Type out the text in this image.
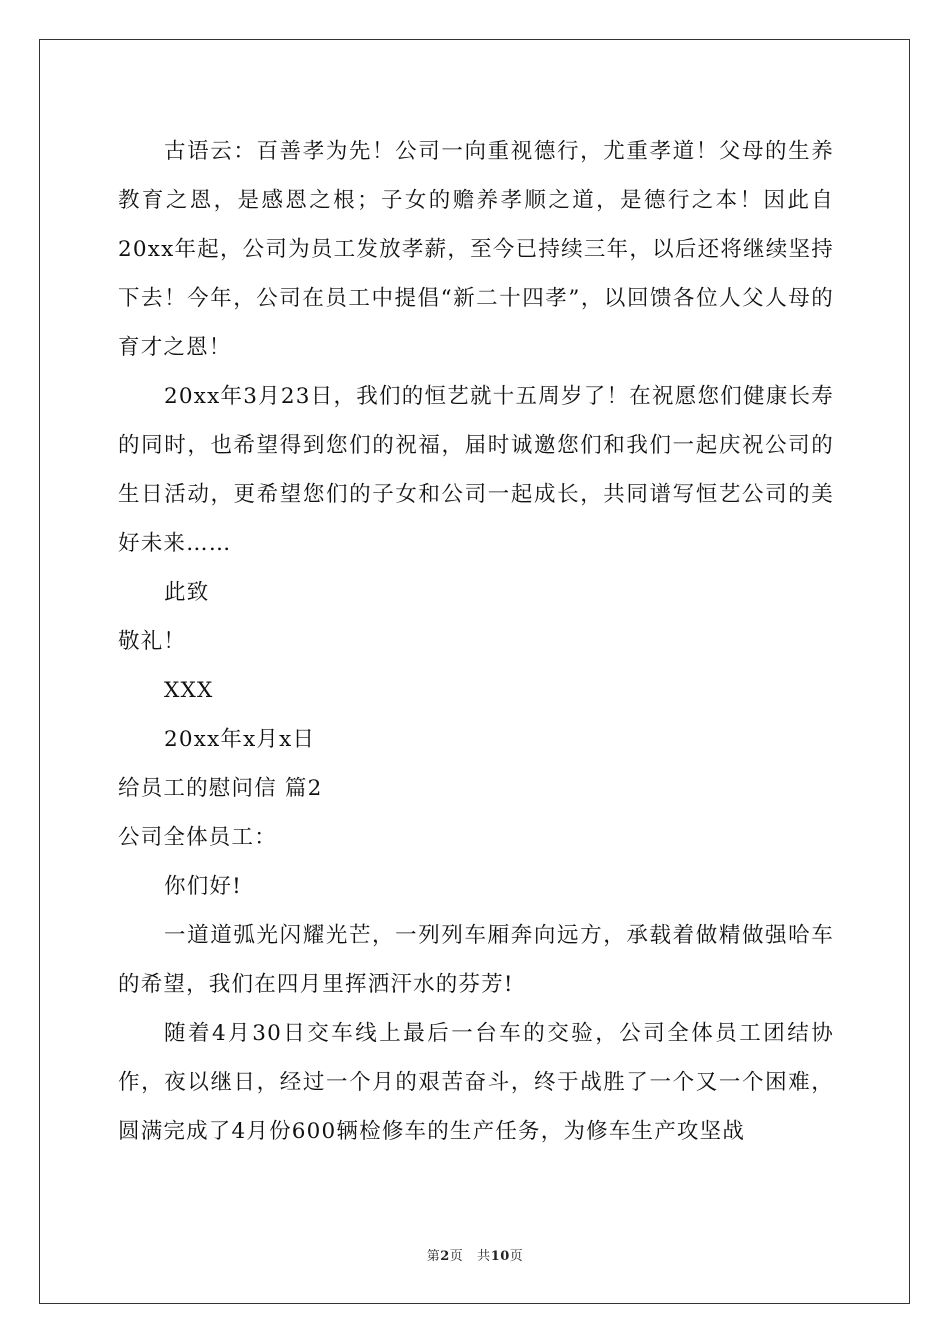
古语云：百善孝为先！公司一向重视德行，尤重孝道！父母的生养教育之恩，是感恩之根；子女的赡养孝顺之道，是德行之本！因此自20xx年起，公司为员工发放孝薪，至今已持续三年，以后还将继续坚持下去！今年，公司在员工中提倡“新二十四孝”，以回馈各位人父人母的育才之恩！

20xx年3月23日，我们的恒艺就十五周岁了！在祝愿您们健康长寿的同时，也希望得到您们的祝福，届时诚邀您们和我们一起庆祝公司的生日活动，更希望您们的子女和公司一起成长，共同谱写恒艺公司的美好未来……

此致

敬礼！

XXX

20xx年x月x日

给员工的慰问信 篇2

公司全体员工：

你们好!

一道道弧光闪耀光芒，一列列车厢奔向远方，承载着做精做强哈车的希望，我们在四月里挥洒汗水的芬芳!

随着4月30日交车线上最后一台车的交验，公司全体员工团结协作，夜以继日，经过一个月的艰苦奋斗，终于战胜了一个又一个困难，圆满完成了4月份600辆检修车的生产任务，为修车生产攻坚战

第2页 共10页
